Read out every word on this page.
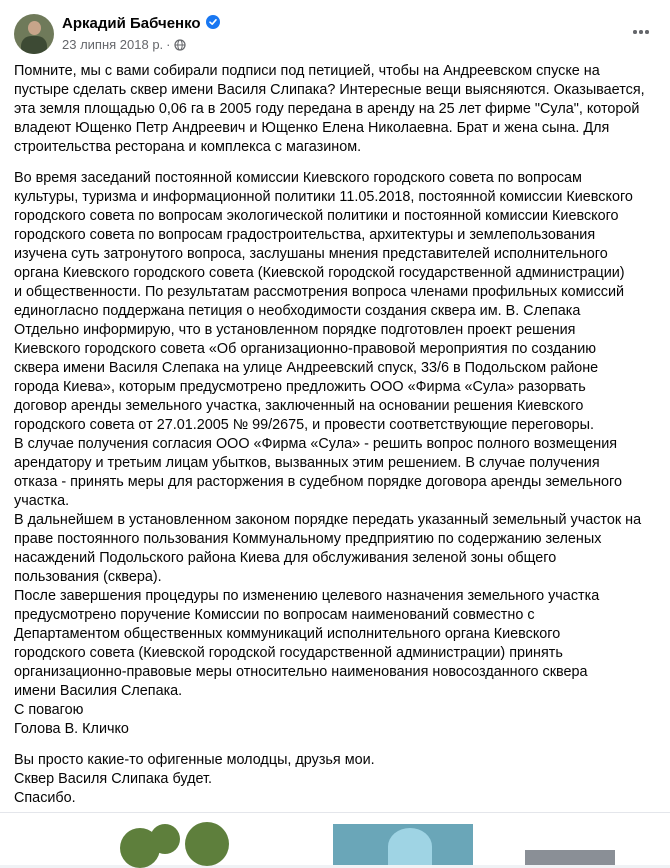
Аркадий Бабченко
23 липня 2018 р. ·

Помните, мы с вами собирали подписи под петицией, чтобы на Андреевском спуске на
пустыре сделать сквер имени Василя Слипака? Интересные вещи выясняются. Оказывается,
эта земля площадью 0,06 га в 2005 году передана в аренду на 25 лет фирме "Сула", которой
владеют Ющенко Петр Андреевич и Ющенко Елена Николаевна. Брат и жена сына. Для
строительства ресторана и комплекса с магазином.

Во время заседаний постоянной комиссии Киевского городского совета по вопросам
культуры, туризма и информационной политики 11.05.2018, постоянной комиссии Киевского
городского совета по вопросам экологической политики и постоянной комиссии Киевского
городского совета по вопросам градостроительства, архитектуры и землепользования
изучена суть затронутого вопроса, заслушаны мнения представителей исполнительного
органа Киевского городского совета (Киевской городской государственной администрации)
и общественности. По результатам рассмотрения вопроса членами профильных комиссий
единогласно поддержана петиция о необходимости создания сквера им. В. Слепака
Отдельно информирую, что в установленном порядке подготовлен проект решения
Киевского городского совета «Об организационно-правовой мероприятия по созданию
сквера имени Василя Слепака на улице Андреевский спуск, 33/6 в Подольском районе
города Киева», которым предусмотрено предложить ООО «Фирма «Сула» разорвать
договор аренды земельного участка, заключенный на основании решения Киевского
городского совета от 27.01.2005 № 99/2675, и провести соответствующие переговоры.
В случае получения согласия ООО «Фирма «Сула» - решить вопрос полного возмещения
арендатору и третьим лицам убытков, вызванных этим решением. В случае получения
отказа - принять меры для расторжения в судебном порядке договора аренды земельного
участка.
В дальнейшем в установленном законом порядке передать указанный земельный участок на
праве постоянного пользования Коммунальному предприятию по содержанию зеленых
насаждений Подольского района Киева для обслуживания зеленой зоны общего
пользования (сквера).
После завершения процедуры по изменению целевого назначения земельного участка
предусмотрено поручение Комиссии по вопросам наименований совместно с
Департаментом общественных коммуникаций исполнительного органа Киевского
городского совета (Киевской городской государственной администрации) принять
организационно-правовые меры относительно наименования новосозданного сквера
имени Василия Слепака.
С повагою
Голова В. Кличко

Вы просто какие-то офигенные молодцы, друзья мои.
Сквер Василя Слипака будет.
Спасибо.
